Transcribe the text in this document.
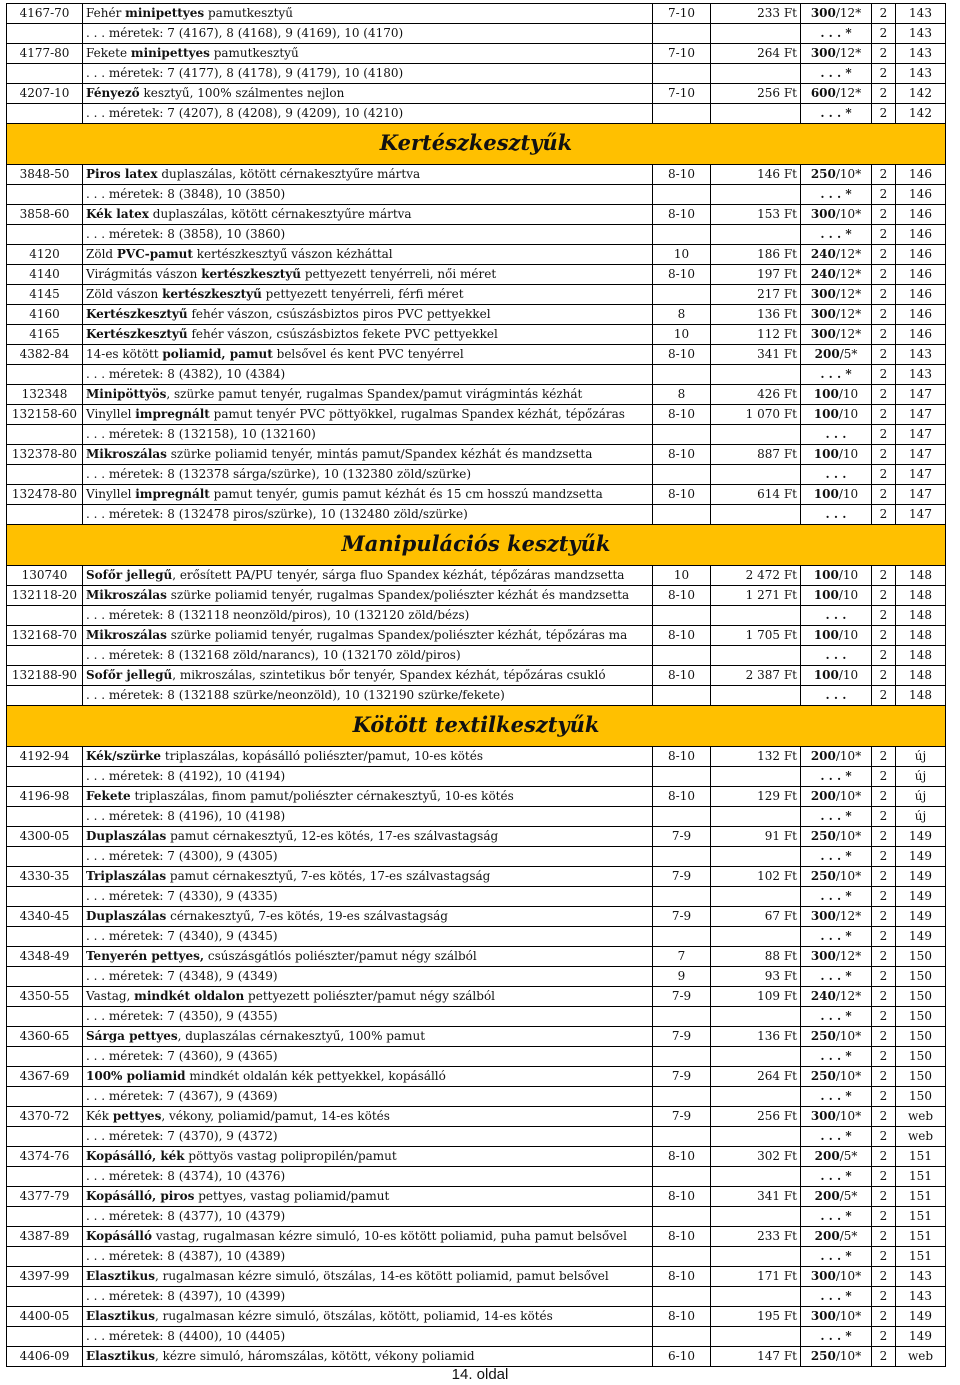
4167-70	Fehér minipettyes pamutkesztyű	7-10	233 Ft	300/12*	2	143
	. . . méretek: 7 (4167), 8 (4168), 9 (4169), 10 (4170)			. . . *	2	143
4177-80	Fekete minipettyes pamutkesztyű	7-10	264 Ft	300/12*	2	143
	. . . méretek: 7 (4177), 8 (4178), 9 (4179), 10 (4180)			. . . *	2	143
4207-10	Fényező kesztyű, 100% szálmentes nejlon	7-10	256 Ft	600/12*	2	142
	. . . méretek: 7 (4207), 8 (4208), 9 (4209), 10 (4210)			. . . *	2	142
Kertészkesztyűk						
3848-50	Piros latex duplaszálas, kötött cérnakesztyűre mártva	8-10	146 Ft	250/10*	2	146
	. . . méretek: 8 (3848), 10 (3850)			. . . *	2	146
3858-60	Kék latex duplaszálas, kötött cérnakesztyűre mártva	8-10	153 Ft	300/10*	2	146
	. . . méretek: 8 (3858), 10 (3860)			. . . *	2	146
4120	Zöld PVC-pamut kertészkesztyű vászon kézháttal	10	186 Ft	240/12*	2	146
4140	Virágmitás vászon kertészkesztyű pettyezett tenyérreli, női méret	8-10	197 Ft	240/12*	2	146
4145	Zöld vászon kertészkesztyű pettyezett tenyérreli, férfi méret		217 Ft	300/12*	2	146
4160	Kertészkesztyű fehér vászon, csúszásbiztos piros PVC pettyekkel	8	136 Ft	300/12*	2	146
4165	Kertészkesztyű fehér vászon, csúszásbiztos fekete PVC pettyekkel	10	112 Ft	300/12*	2	146
4382-84	14-es kötött poliamid, pamut belsővel és kent PVC tenyérrel	8-10	341 Ft	200/5*	2	143
	. . . méretek: 8 (4382), 10 (4384)			. . . *	2	143
132348	Minipöttyös, szürke pamut tenyér, rugalmas Spandex/pamut virágmintás kézhát	8	426 Ft	100/10	2	147
132158-60	Vinyllel impregnált pamut tenyér PVC pöttyökkel, rugalmas Spandex kézhát, tépőzáras	8-10	1 070 Ft	100/10	2	147
	. . . méretek: 8 (132158), 10 (132160)			. . .	2	147
132378-80	Mikroszálas szürke poliamid tenyér, mintás pamut/Spandex kézhát és mandzsetta	8-10	887 Ft	100/10	2	147
	. . . méretek: 8 (132378 sárga/szürke), 10 (132380 zöld/szürke)			. . .	2	147
132478-80	Vinyllel impregnált pamut tenyér, gumis pamut kézhát és 15 cm hosszú mandzsetta	8-10	614 Ft	100/10	2	147
	. . . méretek: 8 (132478 piros/szürke), 10 (132480 zöld/szürke)			. . .	2	147
Manipulációs kesztyűk						
130740	Sofőr jellegű, erősített PA/PU tenyér, sárga fluo Spandex kézhát, tépőzáras mandzsetta	10	2 472 Ft	100/10	2	148
132118-20	Mikroszálas szürke poliamid tenyér, rugalmas Spandex/poliészter kézhát és mandzsetta	8-10	1 271 Ft	100/10	2	148
	. . . méretek: 8 (132118 neonzöld/piros), 10 (132120 zöld/bézs)			. . .	2	148
132168-70	Mikroszálas szürke poliamid tenyér, rugalmas Spandex/poliészter kézhát, tépőzáras ma	8-10	1 705 Ft	100/10	2	148
	. . . méretek: 8 (132168 zöld/narancs), 10 (132170 zöld/piros)			. . .	2	148
132188-90	Sofőr jellegű, mikroszálas, szintetikus bőr tenyér, Spandex kézhát, tépőzáras csukló	8-10	2 387 Ft	100/10	2	148
	. . . méretek: 8 (132188 szürke/neonzöld), 10 (132190 szürke/fekete)			. . .	2	148
Kötött textilkesztyűk						
4192-94	Kék/szürke triplaszálas, kopásálló poliészter/pamut, 10-es kötés	8-10	132 Ft	200/10*	2	új
	. . . méretek: 8 (4192), 10 (4194)			. . . *	2	új
4196-98	Fekete triplaszálas, finom pamut/poliészter cérnakesztyű, 10-es kötés	8-10	129 Ft	200/10*	2	új
	. . . méretek: 8 (4196), 10 (4198)			. . . *	2	új
4300-05	Duplaszálas pamut cérnakesztyű, 12-es kötés, 17-es szálvastagság	7-9	91 Ft	250/10*	2	149
	. . . méretek: 7 (4300), 9 (4305)			. . . *	2	149
4330-35	Triplaszálas pamut cérnakesztyű, 7-es kötés, 17-es szálvastagság	7-9	102 Ft	250/10*	2	149
	. . . méretek: 7 (4330), 9 (4335)			. . . *	2	149
4340-45	Duplaszálas cérnakesztyű, 7-es kötés, 19-es szálvastagság	7-9	67 Ft	300/12*	2	149
	. . . méretek: 7 (4340), 9 (4345)			. . . *	2	149
4348-49	Tenyerén pettyes, csúszásgátlós poliészter/pamut négy szálból	7	88 Ft	300/12*	2	150
	. . . méretek: 7 (4348), 9 (4349)	9	93 Ft	. . . *	2	150
4350-55	Vastag, mindkét oldalon pettyezett poliészter/pamut négy szálból	7-9	109 Ft	240/12*	2	150
	. . . méretek: 7 (4350), 9 (4355)			. . . *	2	150
4360-65	Sárga pettyes, duplaszálas cérnakesztyű, 100% pamut	7-9	136 Ft	250/10*	2	150
	. . . méretek: 7 (4360), 9 (4365)			. . . *	2	150
4367-69	100% poliamid mindkét oldalán kék pettyekkel, kopásálló	7-9	264 Ft	250/10*	2	150
	. . . méretek: 7 (4367), 9 (4369)			. . . *	2	150
4370-72	Kék pettyes, vékony, poliamid/pamut, 14-es kötés	7-9	256 Ft	300/10*	2	web
	. . . méretek: 7 (4370), 9 (4372)			. . . *	2	web
4374-76	Kopásálló, kék pöttyös vastag polipropilén/pamut	8-10	302 Ft	200/5*	2	151
	. . . méretek: 8 (4374), 10 (4376)			. . . *	2	151
4377-79	Kopásálló, piros pettyes, vastag poliamid/pamut	8-10	341 Ft	200/5*	2	151
	. . . méretek: 8 (4377), 10 (4379)			. . . *	2	151
4387-89	Kopásálló vastag, rugalmasan kézre simuló, 10-es kötött poliamid, puha pamut belsővel	8-10	233 Ft	200/5*	2	151
	. . . méretek: 8 (4387), 10 (4389)			. . . *	2	151
4397-99	Elasztikus, rugalmasan kézre simuló, ötszálas, 14-es kötött poliamid, pamut belsővel	8-10	171 Ft	300/10*	2	143
	. . . méretek: 8 (4397), 10 (4399)			. . . *	2	143
4400-05	Elasztikus, rugalmasan kézre simuló, ötszálas, kötött, poliamid, 14-es kötés	8-10	195 Ft	300/10*	2	149
	. . . méretek: 8 (4400), 10 (4405)			. . . *	2	149
4406-09	Elasztikus, kézre simuló, háromszálas, kötött, vékony poliamid	6-10	147 Ft	250/10*	2	web
14. oldal
